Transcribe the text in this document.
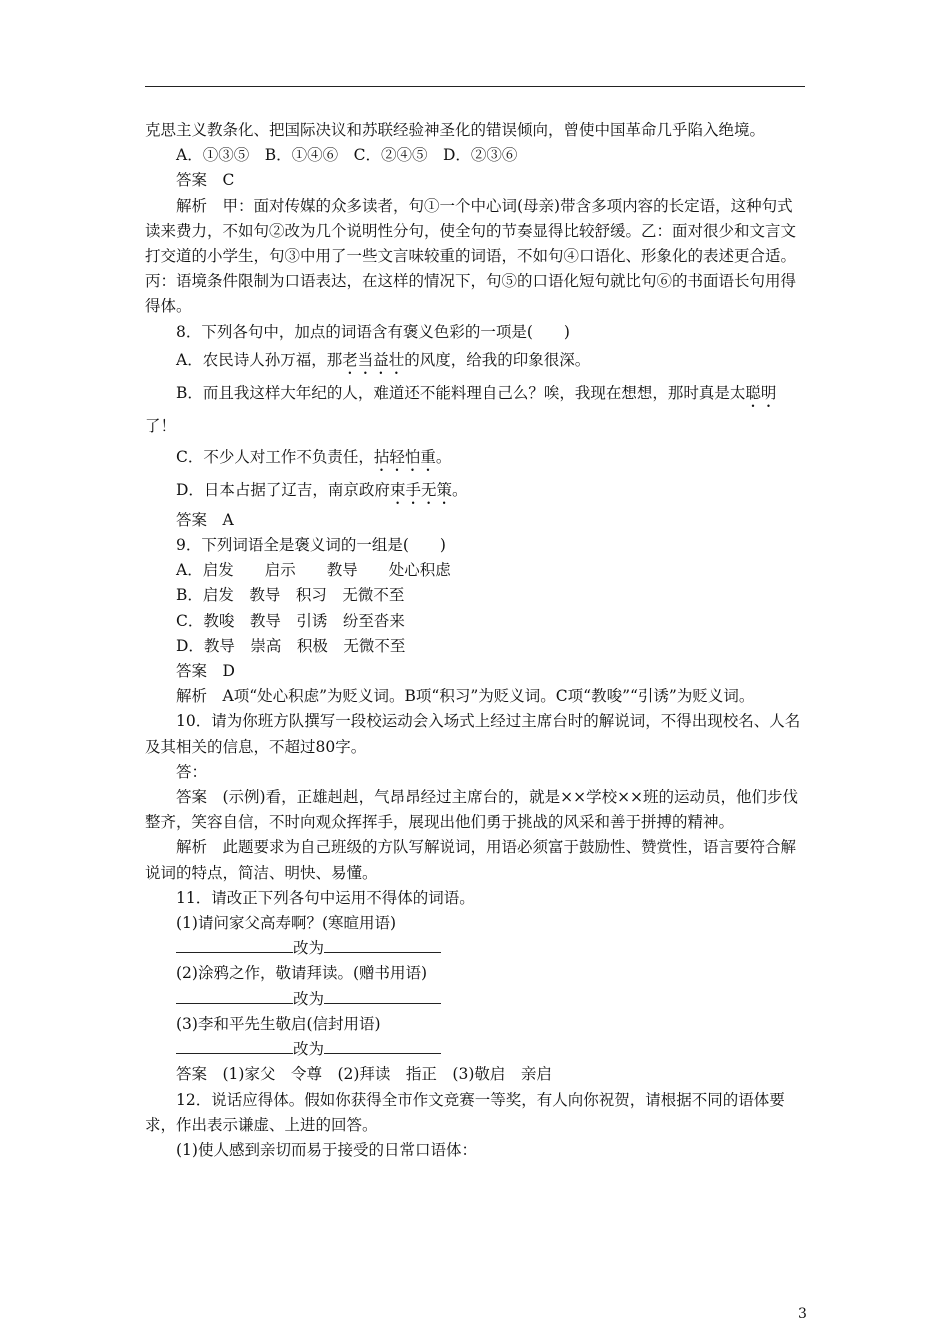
克思主义教条化、把国际决议和苏联经验神圣化的错误倾向，曾使中国革命几乎陷入绝境。

A．①③⑤　B．①④⑥　C．②④⑤　D．②③⑥

答案　C

解析　甲：面对传媒的众多读者，句①一个中心词(母亲)带含多项内容的长定语，这种句式读来费力，不如句②改为几个说明性分句，使全句的节奏显得比较舒缓。乙：面对很少和文言文打交道的小学生，句③中用了一些文言味较重的词语，不如句④口语化、形象化的表述更合适。丙：语境条件限制为口语表达，在这样的情况下，句⑤的口语化短句就比句⑥的书面语长句用得得体。

8．下列各句中，加点的词语含有褒义色彩的一项是(　　)

A．农民诗人孙万福，那老当益壮的风度，给我的印象很深。

B．而且我这样大年纪的人，难道还不能料理自己么？唉，我现在想想，那时真是太聪明了！

C．不少人对工作不负责任，拈轻怕重。

D．日本占据了辽吉，南京政府束手无策。

答案　A

9．下列词语全是褒义词的一组是(　　)

A．启发　　启示　　教导　　处心积虑

B．启发　教导　积习　无微不至

C．教唆　教导　引诱　纷至沓来

D．教导　崇高　积极　无微不至

答案　D

解析　A项“处心积虑”为贬义词。B项“积习”为贬义词。C项“教唆”“引诱”为贬义词。

10．请为你班方队撰写一段校运动会入场式上经过主席台时的解说词，不得出现校名、人名及其相关的信息，不超过80字。

答：

答案　(示例)看，正雄赳赳，气昂昂经过主席台的，就是××学校××班的运动员，他们步伐整齐，笑容自信，不时向观众挥挥手，展现出他们勇于挑战的风采和善于拼搏的精神。

解析　此题要求为自己班级的方队写解说词，用语必须富于鼓励性、赞赏性，语言要符合解说词的特点，简洁、明快、易懂。

11．请改正下列各句中运用不得体的词语。

(1)请问家父高寿啊？(寒暄用语)

改为

(2)涂鸦之作，敬请拜读。(赠书用语)

改为

(3)李和平先生敬启(信封用语)

改为

答案　(1)家父　令尊　(2)拜读　指正　(3)敬启　亲启

12．说话应得体。假如你获得全市作文竞赛一等奖，有人向你祝贺，请根据不同的语体要求，作出表示谦虚、上进的回答。

(1)使人感到亲切而易于接受的日常口语体：

3
